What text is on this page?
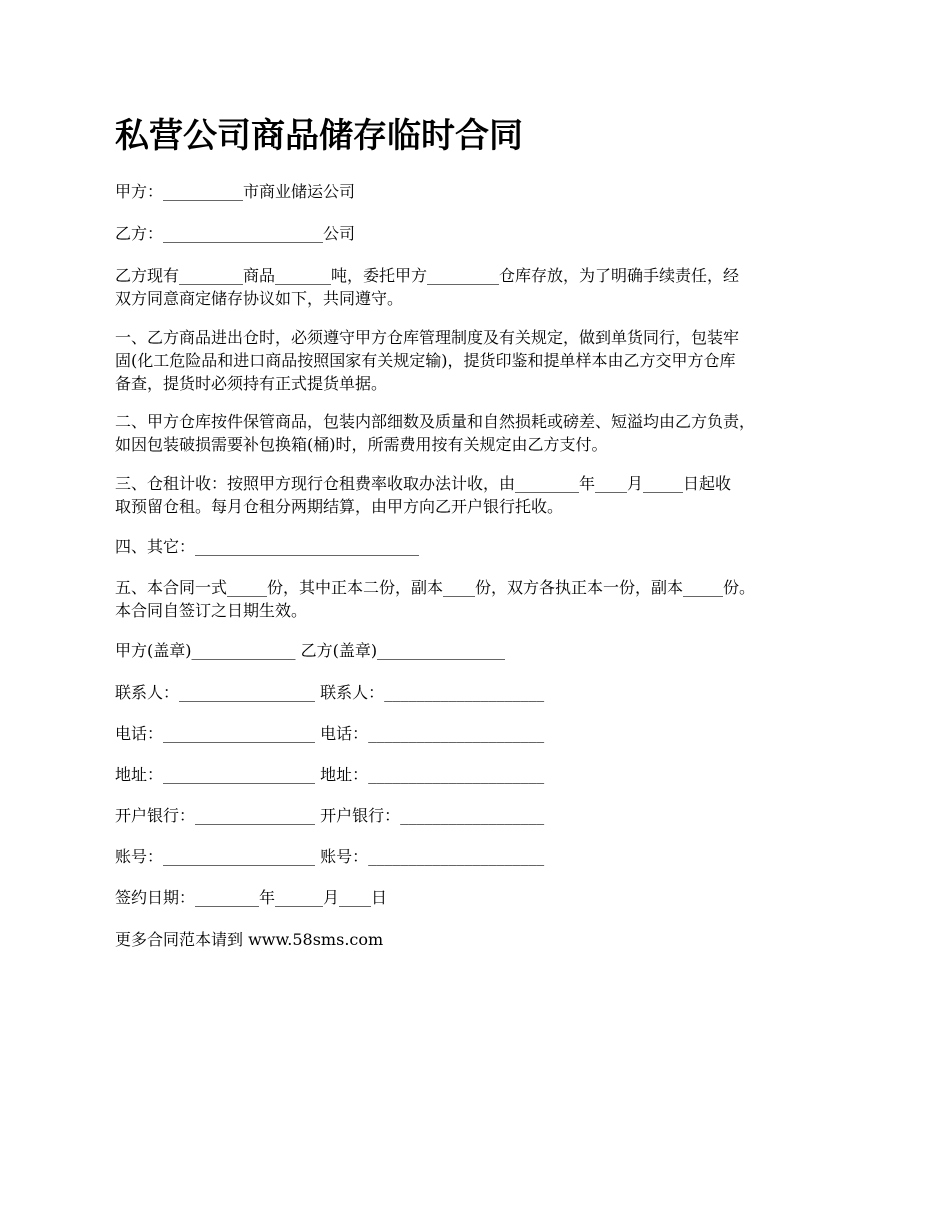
私营公司商品储存临时合同

甲方：__________市商业储运公司

乙方：____________________公司

乙方现有________商品_______吨，委托甲方_________仓库存放，为了明确手续责任，经

双方同意商定储存协议如下，共同遵守。

一、乙方商品进出仓时，必须遵守甲方仓库管理制度及有关规定，做到单货同行，包装牢

固(化工危险品和进口商品按照国家有关规定输)，提货印鉴和提单样本由乙方交甲方仓库

备查，提货时必须持有正式提货单据。

二、甲方仓库按件保管商品，包装内部细数及质量和自然损耗或磅差、短溢均由乙方负责，

如因包装破损需要补包换箱(桶)时，所需费用按有关规定由乙方支付。

三、仓租计收：按照甲方现行仓租费率收取办法计收，由________年____月_____日起收

取预留仓租。每月仓租分两期结算，由甲方向乙开户银行托收。

四、其它：____________________________

五、本合同一式_____份，其中正本二份，副本____份，双方各执正本一份，副本_____份。

本合同自签订之日期生效。

甲方(盖章)_____________ 乙方(盖章)________________

联系人：_________________ 联系人：____________________

电话：___________________ 电话：______________________

地址：___________________ 地址：______________________

开户银行：_______________ 开户银行：__________________

账号：___________________ 账号：______________________

签约日期：________年______月____日

更多合同范本请到 www.58sms.com
